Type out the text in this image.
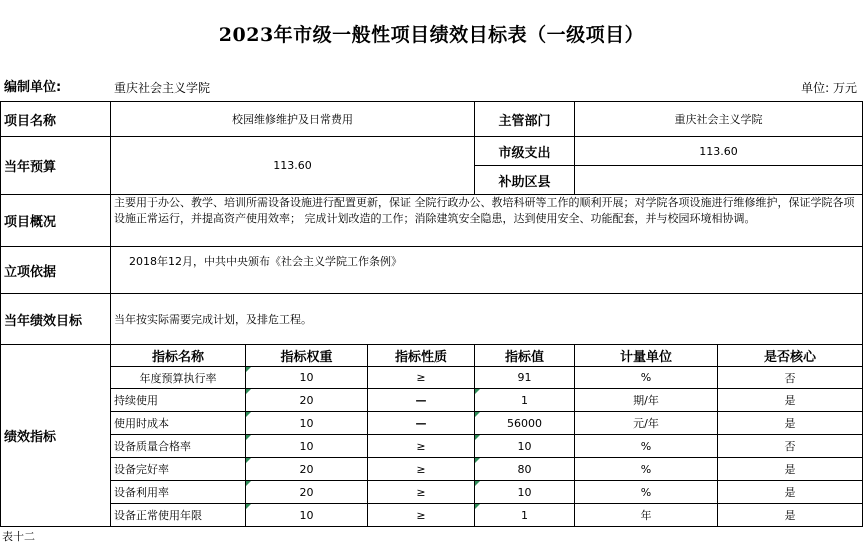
2023年市级一般性项目绩效目标表（一级项目）
编制单位:	重庆社会主义学院	单位: 万元
项目名称	校园维修维护及日常费用			主管部门	重庆社会主义学院	
当年预算	113.60			市级支出	113.60	
				补助区县		
项目概况	主要用于办公、教学、培训所需设备设施进行配置更新，保证 全院行政办公、教培科研等工作的顺利开展；对学院各项设施进行维修维护，保证学院各项设施正常运行，并提高资产使用效率； 完成计划改造的工作；消除建筑安全隐患，达到使用安全、功能配套，并与校园环境相协调。					
立项依据	2018年12月，中共中央颁布《社会主义学院工作条例》					
当年绩效目标	当年按实际需要完成计划，及排危工程。					
绩效指标	指标名称	指标权重	指标性质	指标值	计量单位	是否核心
	年度预算执行率	10	≥	91	%	否
	持续使用	20	—	1	期/年	是
	使用时成本	10	—	56000	元/年	是
	设备质量合格率	10	≥	10	%	否
	设备完好率	20	≥	80	%	是
	设备利用率	20	≥	10	%	是
	设备正常使用年限	10	≥	1	年	是
表十二
